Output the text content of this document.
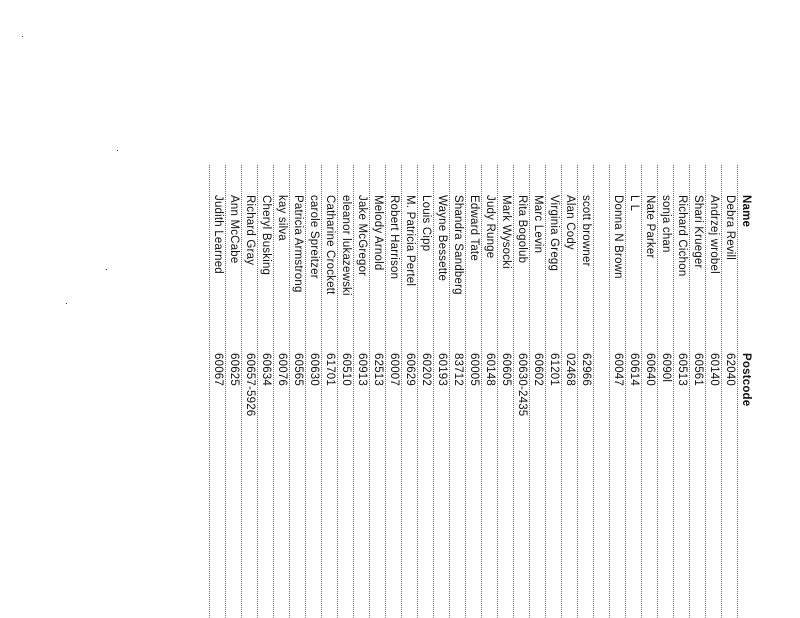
Name
Postcode
Debra Revill
62040
Andrzej wrobel
60140
Shari Krueger
60561
Richard Cichon
60513
sonja chan
6090l
Nate Parker
60640
L L
60614
Donna N Brown
60047
scott browner
62966
Alan Cody
02468
Virginia Gregg
61201
Marc Levin
60602
Rita Bogolub
60630-2435
Mark Wysocki
60605
Judy Runge
60148
Edward Tate
60005
Shandra Sandberg
83712
Wayne Bessette
60193
Louis Cipp
60202
M. Patricia Pertel
60629
Robert Harrison
60007
Melody Arnold
62513
Jake McGregor
60913
eleanor lukazewski
60510
Catharine Crockett
61701
carole Spreitzer
60630
Patricia Armstrong
60565
kay silva
60076
Cheryl Busking
60634
Richard Gray
60657-5926
Ann McCabe
60625
Judith Learned
60067
